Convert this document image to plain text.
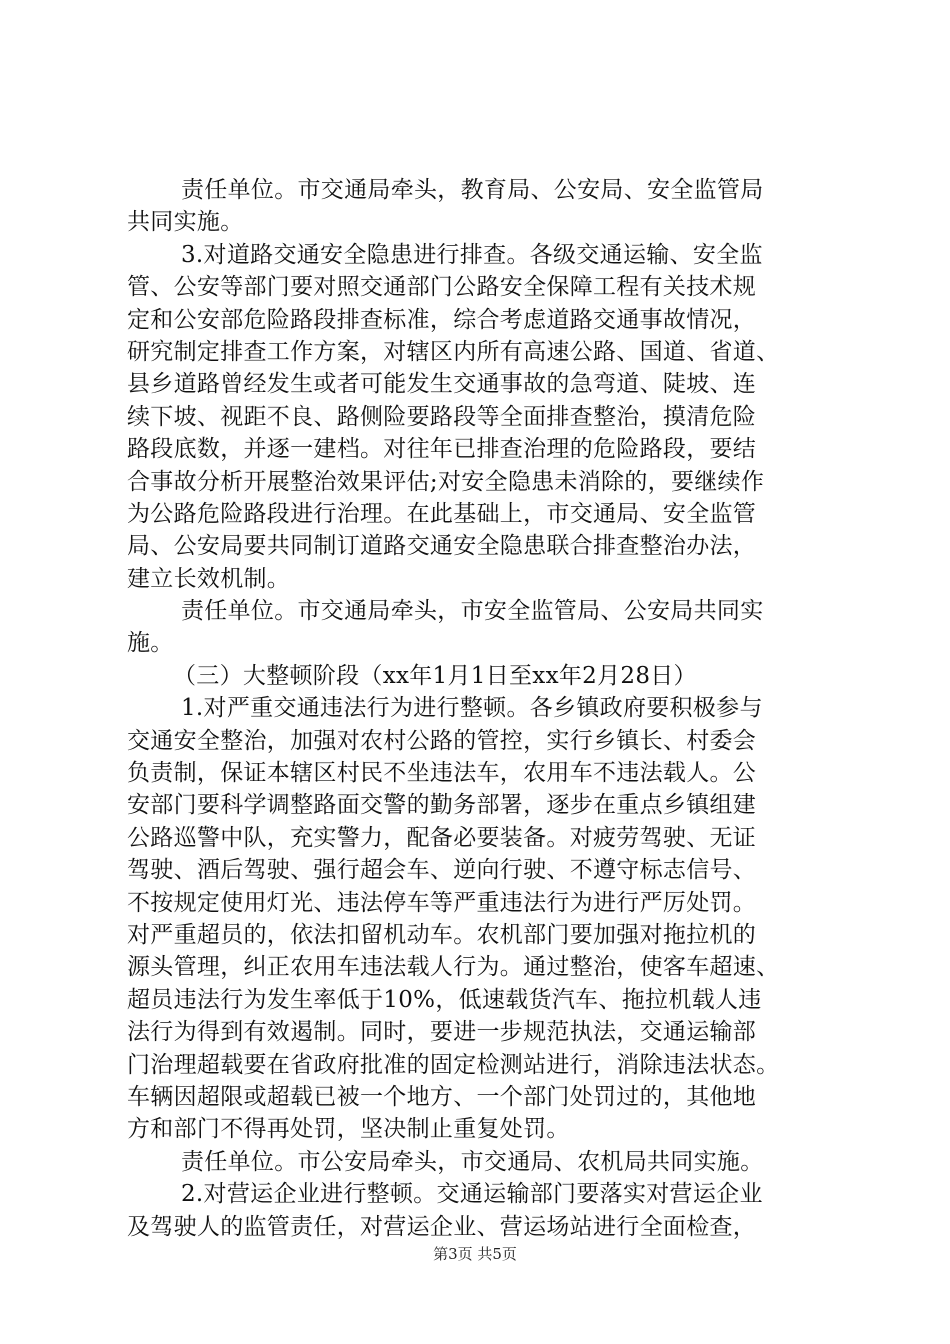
责任单位。市交通局牵头，教育局、公安局、安全监管局
共同实施。
3.对道路交通安全隐患进行排查。各级交通运输、安全监
管、公安等部门要对照交通部门公路安全保障工程有关技术规
定和公安部危险路段排查标准，综合考虑道路交通事故情况，
研究制定排查工作方案，对辖区内所有高速公路、国道、省道、
县乡道路曾经发生或者可能发生交通事故的急弯道、陡坡、连
续下坡、视距不良、路侧险要路段等全面排查整治，摸清危险
路段底数，并逐一建档。对往年已排查治理的危险路段，要结
合事故分析开展整治效果评估;对安全隐患未消除的，要继续作
为公路危险路段进行治理。在此基础上，市交通局、安全监管
局、公安局要共同制订道路交通安全隐患联合排查整治办法，
建立长效机制。
责任单位。市交通局牵头，市安全监管局、公安局共同实
施。
（三）大整顿阶段（xx年1月1日至xx年2月28日）
1.对严重交通违法行为进行整顿。各乡镇政府要积极参与
交通安全整治，加强对农村公路的管控，实行乡镇长、村委会
负责制，保证本辖区村民不坐违法车，农用车不违法载人。公
安部门要科学调整路面交警的勤务部署，逐步在重点乡镇组建
公路巡警中队，充实警力，配备必要装备。对疲劳驾驶、无证
驾驶、酒后驾驶、强行超会车、逆向行驶、不遵守标志信号、
不按规定使用灯光、违法停车等严重违法行为进行严厉处罚。
对严重超员的，依法扣留机动车。农机部门要加强对拖拉机的
源头管理，纠正农用车违法载人行为。通过整治，使客车超速、
超员违法行为发生率低于10%，低速载货汽车、拖拉机载人违
法行为得到有效遏制。同时，要进一步规范执法，交通运输部
门治理超载要在省政府批准的固定检测站进行，消除违法状态。
车辆因超限或超载已被一个地方、一个部门处罚过的，其他地
方和部门不得再处罚，坚决制止重复处罚。
责任单位。市公安局牵头，市交通局、农机局共同实施。
2.对营运企业进行整顿。交通运输部门要落实对营运企业
及驾驶人的监管责任，对营运企业、营运场站进行全面检查，
第3页 共5页
